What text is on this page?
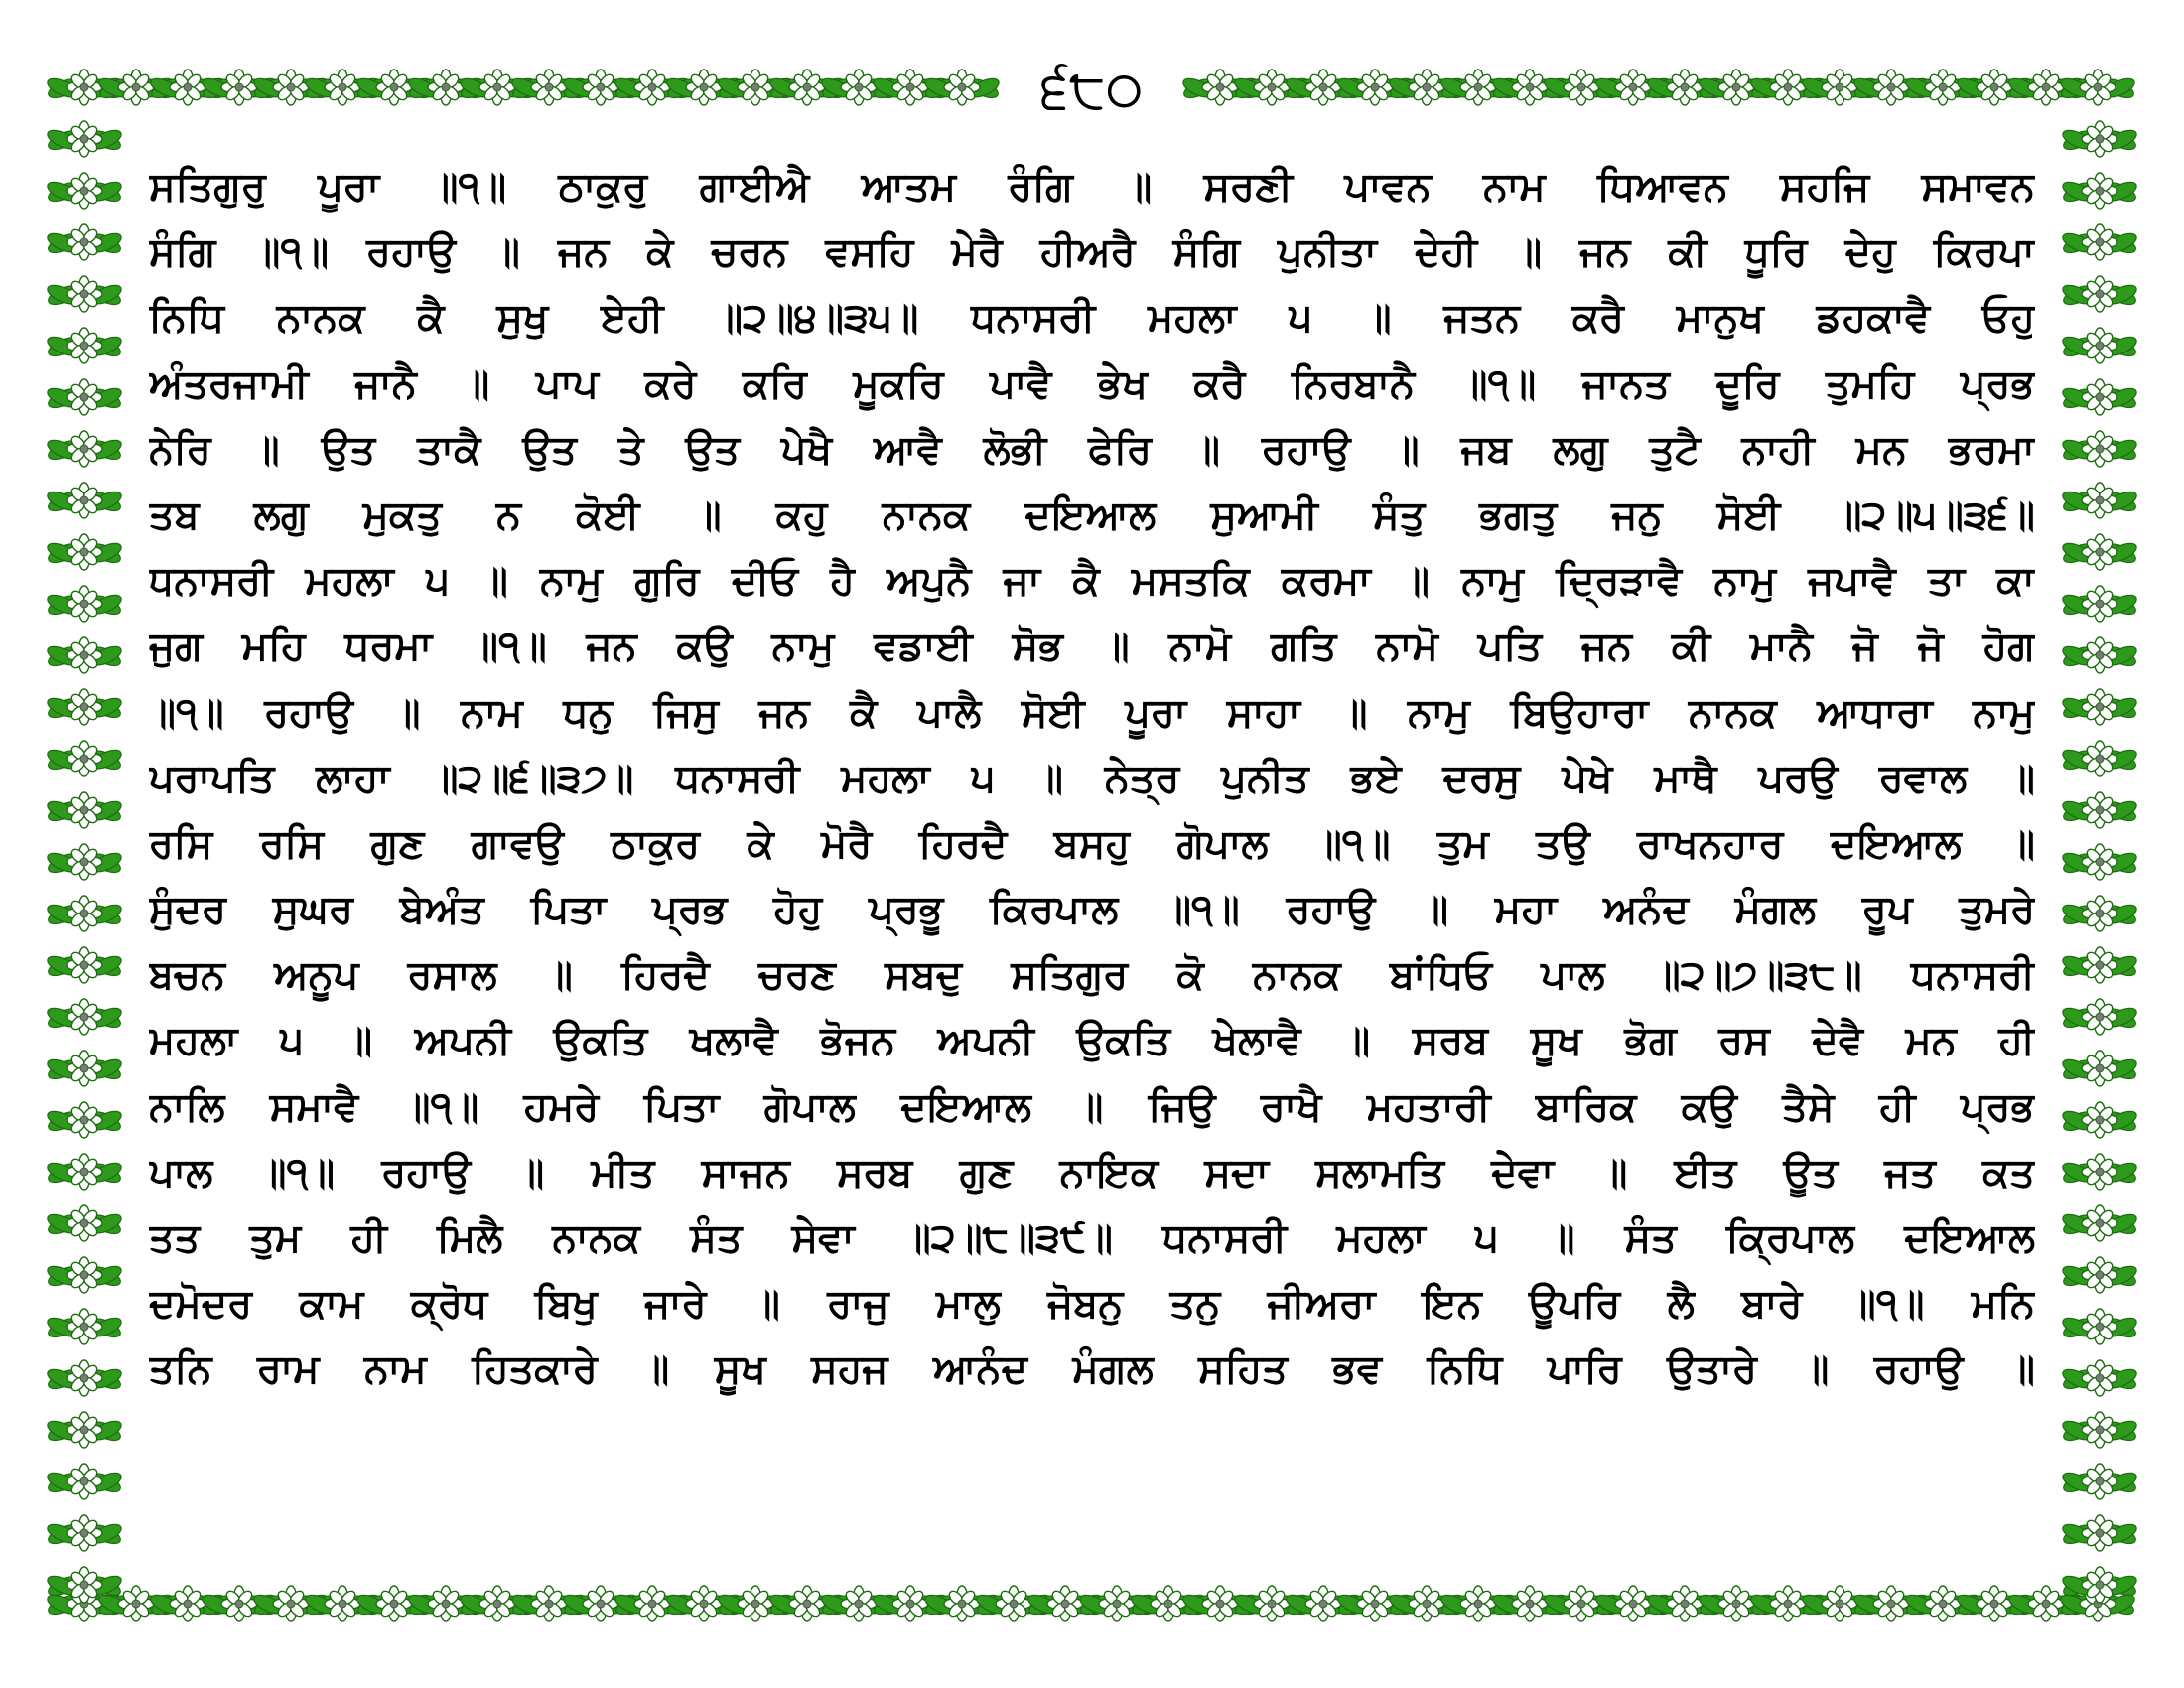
੬੮੦
ਸਤਿਗੁਰੁ ਪੂਰਾ ॥੧॥ ਠਾਕੁਰੁ ਗਾਈਐ ਆਤਮ ਰੰਗਿ ॥ ਸਰਣੀ ਪਾਵਨ ਨਾਮ ਧਿਆਵਨ ਸਹਜਿ ਸਮਾਵਨ
ਸੰਗਿ ॥੧॥ ਰਹਾਉ ॥ ਜਨ ਕੇ ਚਰਨ ਵਸਹਿ ਮੇਰੈ ਹੀਅਰੈ ਸੰਗਿ ਪੁਨੀਤਾ ਦੇਹੀ ॥ ਜਨ ਕੀ ਧੂਰਿ ਦੇਹੁ ਕਿਰਪਾ
ਨਿਧਿ ਨਾਨਕ ਕੈ ਸੁਖੁ ਏਹੀ ॥੨॥੪॥੩੫॥ ਧਨਾਸਰੀ ਮਹਲਾ ੫ ॥ ਜਤਨ ਕਰੈ ਮਾਨੁਖ ਡਹਕਾਵੈ ਓਹੁ
ਅੰਤਰਜਾਮੀ ਜਾਨੈ ॥ ਪਾਪ ਕਰੇ ਕਰਿ ਮੂਕਰਿ ਪਾਵੈ ਭੇਖ ਕਰੈ ਨਿਰਬਾਨੈ ॥੧॥ ਜਾਨਤ ਦੂਰਿ ਤੁਮਹਿ ਪ੍ਰਭ
ਨੇਰਿ ॥ ਉਤ ਤਾਕੈ ਉਤ ਤੇ ਉਤ ਪੇਖੈ ਆਵੈ ਲੋਭੀ ਫੇਰਿ ॥ ਰਹਾਉ ॥ ਜਬ ਲਗੁ ਤੁਟੈ ਨਾਹੀ ਮਨ ਭਰਮਾ
ਤਬ ਲਗੁ ਮੁਕਤੁ ਨ ਕੋਈ ॥ ਕਹੁ ਨਾਨਕ ਦਇਆਲ ਸੁਆਮੀ ਸੰਤੁ ਭਗਤੁ ਜਨੁ ਸੋਈ ॥੨॥੫॥੩੬॥
ਧਨਾਸਰੀ ਮਹਲਾ ੫ ॥ ਨਾਮੁ ਗੁਰਿ ਦੀਓ ਹੈ ਅਪੁਨੈ ਜਾ ਕੈ ਮਸਤਕਿ ਕਰਮਾ ॥ ਨਾਮੁ ਦ੍ਰਿੜਾਵੈ ਨਾਮੁ ਜਪਾਵੈ ਤਾ ਕਾ
ਜੁਗ ਮਹਿ ਧਰਮਾ ॥੧॥ ਜਨ ਕਉ ਨਾਮੁ ਵਡਾਈ ਸੋਭ ॥ ਨਾਮੋ ਗਤਿ ਨਾਮੋ ਪਤਿ ਜਨ ਕੀ ਮਾਨੈ ਜੋ ਜੋ ਹੋਗ
॥੧॥ ਰਹਾਉ ॥ ਨਾਮ ਧਨੁ ਜਿਸੁ ਜਨ ਕੈ ਪਾਲੈ ਸੋਈ ਪੂਰਾ ਸਾਹਾ ॥ ਨਾਮੁ ਬਿਉਹਾਰਾ ਨਾਨਕ ਆਧਾਰਾ ਨਾਮੁ
ਪਰਾਪਤਿ ਲਾਹਾ ॥੨॥੬॥੩੭॥ ਧਨਾਸਰੀ ਮਹਲਾ ੫ ॥ ਨੇਤ੍ਰ ਪੁਨੀਤ ਭਏ ਦਰਸੁ ਪੇਖੇ ਮਾਥੈ ਪਰਉ ਰਵਾਲ ॥
ਰਸਿ ਰਸਿ ਗੁਣ ਗਾਵਉ ਠਾਕੁਰ ਕੇ ਮੋਰੈ ਹਿਰਦੈ ਬਸਹੁ ਗੋਪਾਲ ॥੧॥ ਤੁਮ ਤਉ ਰਾਖਨਹਾਰ ਦਇਆਲ ॥
ਸੁੰਦਰ ਸੁਘਰ ਬੇਅੰਤ ਪਿਤਾ ਪ੍ਰਭ ਹੋਹੁ ਪ੍ਰਭੂ ਕਿਰਪਾਲ ॥੧॥ ਰਹਾਉ ॥ ਮਹਾ ਅਨੰਦ ਮੰਗਲ ਰੂਪ ਤੁਮਰੇ
ਬਚਨ ਅਨੂਪ ਰਸਾਲ ॥ ਹਿਰਦੈ ਚਰਣ ਸਬਦੁ ਸਤਿਗੁਰ ਕੋ ਨਾਨਕ ਬਾਂਧਿਓ ਪਾਲ ॥੨॥੭॥੩੮॥ ਧਨਾਸਰੀ
ਮਹਲਾ ੫ ॥ ਅਪਨੀ ਉਕਤਿ ਖਲਾਵੈ ਭੋਜਨ ਅਪਨੀ ਉਕਤਿ ਖੇਲਾਵੈ ॥ ਸਰਬ ਸੂਖ ਭੋਗ ਰਸ ਦੇਵੈ ਮਨ ਹੀ
ਨਾਲਿ ਸਮਾਵੈ ॥੧॥ ਹਮਰੇ ਪਿਤਾ ਗੋਪਾਲ ਦਇਆਲ ॥ ਜਿਉ ਰਾਖੈ ਮਹਤਾਰੀ ਬਾਰਿਕ ਕਉ ਤੈਸੇ ਹੀ ਪ੍ਰਭ
ਪਾਲ ॥੧॥ ਰਹਾਉ ॥ ਮੀਤ ਸਾਜਨ ਸਰਬ ਗੁਣ ਨਾਇਕ ਸਦਾ ਸਲਾਮਤਿ ਦੇਵਾ ॥ ਈਤ ਊਤ ਜਤ ਕਤ
ਤਤ ਤੁਮ ਹੀ ਮਿਲੈ ਨਾਨਕ ਸੰਤ ਸੇਵਾ ॥੨॥੮॥੩੯॥ ਧਨਾਸਰੀ ਮਹਲਾ ੫ ॥ ਸੰਤ ਕ੍ਰਿਪਾਲ ਦਇਆਲ
ਦਮੋਦਰ ਕਾਮ ਕ੍ਰੋਧ ਬਿਖੁ ਜਾਰੇ ॥ ਰਾਜੁ ਮਾਲੁ ਜੋਬਨੁ ਤਨੁ ਜੀਅਰਾ ਇਨ ਊਪਰਿ ਲੈ ਬਾਰੇ ॥੧॥ ਮਨਿ
ਤਨਿ ਰਾਮ ਨਾਮ ਹਿਤਕਾਰੇ ॥ ਸੂਖ ਸਹਜ ਆਨੰਦ ਮੰਗਲ ਸਹਿਤ ਭਵ ਨਿਧਿ ਪਾਰਿ ਉਤਾਰੇ ॥ ਰਹਾਉ ॥
